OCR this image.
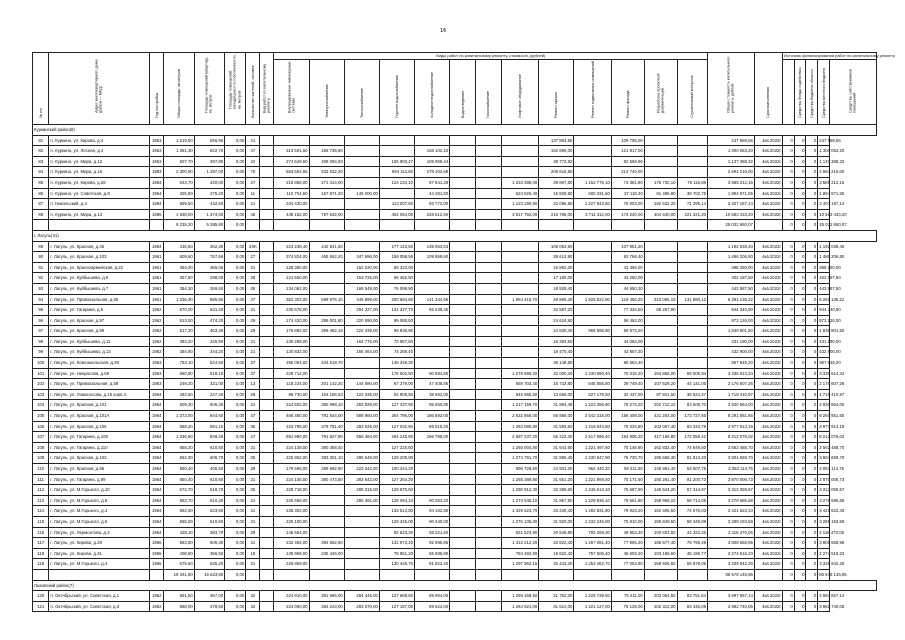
16
№ п/п	Адрес многоквартирного дома (район — МКД)	Год постройки	Общая площадь, кв.метров	Площадь помещений (квартир), кв. метров	Площадь помещений, находящихся в собственности, кв. метров	Количество жителей, человек	Вид работ по капитальному ремонту	Виды работ по капитальному ремонту, стоимость (рублей)													Общая стоимость капитального ремонта, рублей	Срок выполнения	Источник финансирования работ по капитальному ремонту				

								Внутридомовые инженерные системы	Электроснабжение	Теплоснабжение	Горячее водоснабжение	Холодное водоснабжение	Водоотведение	Газоснабжение	Лифтовое оборудование	Ремонт крыши	Ремонт подвальных помещений	Ремонт фасада	Разработка проектной документации	Строительный контроль				Средства Фонда содействия	Средства бюджета области	Средства местного бюджета	Средства собственников помещений

Куркинский район(8)																											
81	п. Куркино, ул. Кирова, д.4	1963	1 219,50	656,96	0,00	41										137 883,56		109 795,00			247 558,56	4кв.2022г	0	0	0	247 558,56	
82	п. Куркино, ул. Лесная, д.4	1963	1 351,30	822,70	0,00	47		313 501,60	156 735,60			156 102,10				152 896,00		121 817,00			1 300 053,20	4кв.2022г	0	0	0	1 300 053,20	
83	п. Куркино, ул. Мира, д.12	1963	607,70	397,80	0,00	22		274 648,60	408 094,93		155 903,47	109 959,44				38 773,92		82 568,96			1 137 388,32	4кв.2022г	0	0	0	1 137 388,32	
84	п. Куркино, ул. Мира, д.16	1983	2 300,90	1 387,00	0,00	76		553 552,66	533 832,30		594 114,60	278 102,68				208 618,80		214 740,00			2 594 216,00	4кв.2022г	0	0	0	2 594 216,00	
85	п. Куркино, ул. Кирова, д.28	1954	643,70	420,00	0,00	27		218 855,00	271 414,00		124 234,10	87 541,28			1 233 288,00	39 897,80	1 152 776,10	73 381,80	175 730,10	75 116,86	3 585 212,16	4кв.2022г	0	0	0	3 585 212,16	
86	п. Куркино, ул. Советская, д.8	1954	325,80	275,20	0,00	11		110 704,60	157 871,20	146 000,00		44 281,60			624 826,40	15 828,80	600 331,60	37 118,40	91 485,80	39 702,75	1 894 971,55	4кв.2022г	0	0	0	1 894 971,55	
87	п. Никольский, д.4	1984	699,50	432,60	0,00	21		234 430,00			113 007,50	93 772,00			1 123 190,80	32 096,80	1 227 843,50	78 603,00	192 532,20	71 295,14	3 407 187,14	4кв.2022г	0	0	0	3 407 187,14	
88	п. Куркино, ул. Мира, д.13	1985	1 938,00	1 374,00	0,00	46		448 152,00	797 632,00		402 054,00	228 512,60			3 817 792,00	216 788,00	3 711 312,00	174 240,00	404 640,00	221 321,20	10 583 433,20	4кв.2022г	0	0	0	10 583 433,20	
			9 235,20	5 385,80	0,00																25 032 650,07		0	0	0	25 032 650,07	
г. Лагуль(31)																											
89	г. Лагуль, ул. Красная, д.45	1954	416,50	362,30	0,00	ЗХК		224 238,40	442 841,60		177 143,50	135 053,63				105 053,60		107 951,20			1 192 038,40	4кв.2022г	0	0	0	1 192 038,40	
90	г. Лагуль, ул. Красная, д.103	1961	609,60	767,66	0,00	27		374 824,00	465 562,20	347 696,00	159 058,56	109 959,60				38 612,90		92 768,40			1 486 206,80	4кв.2022г	0	0	0	1 486 206,80	
91	г. Лагуль, ул. Красноармейская, д.22	1961	394,00	365,05	0,00	31		128 360,00		152 220,00	65 322,00					16 862,00		43 356,00			398 250,00	4кв.2022г	0	0	0	398 250,00	
92	г. Лагуль, ул. Куйбышева, д.5	1961	357,50	298,00	0,00	28		121 550,00		153 725,00	66 452,50					17 180,00		43 250,00			402 187,50	4кв.2022г	0	0	0	402 187,50	
93	г. Лагуль, ул. Куйбышева, д.7	1961	394,30	359,50	0,00	28		134 062,00		169 549,00	76 099,90					18 928,40		44 950,20			443 587,50	4кв.2022г	0	0	0	443 587,50	
94	г. Лагуль, ул. Привокзальная, д.55	1961	1 036,30	885,90	0,00	47		352 302,00	599 876,10	445 899,00	200 584,80	141 344,66			1 964 415,70	49 869,40	1 925 522,90	119 450,20	310 055,10	131 880,12	6 281 136,22	4кв.2022г	0	0	0	6 281 136,22	
95	г. Лагуль, ул. Гагарина, д.5	1962	670,00	631,40	0,00	31		230 678,00		294 327,00	131 327,70	92 238,40				32 587,20		77 334,60	86 257,90		944 340,90	4кв.2022г	0	0	0	944 340,90	
96	г. Лагуль, ул. Красная, д.97	1962	513,00	474,20	0,00	29		174 420,00	295 001,80	220 590,00	99 085,60					24 624,60		59 462,00			873 126,00	4кв.2022г	0	0	0	873 126,00	
97	г. Лагуль, ул. Красная, д.99	1962	517,30	463,30	0,00	29		175 882,00	299 482,15	222 439,00	99 838,90					24 830,40	959 596,80	59 972,20			1 839 801,50	4кв.2022г	0	0	0	1 839 801,50	
98	г. Лагуль, ул. Куйбышева, д.11	1962	383,20	345,90	0,00	21		130 288,00		164 776,00	73 957,60					18 393,60		44 084,00			431 190,00	4кв.2022г	0	0	0	431 190,00	
99	г. Лагуль, ул. Куйбышева, д.13	1962	384,60	344,20	0,00	21		130 832,00		165 464,00	74 268,40					18 470,40		43 867,20			432 900,00	4кв.2022г	0	0	0	432 900,00	
100	г. Лагуль, ул. Комсомольская, д.29	1963	753,10	524,50	0,00	37		256 054,00	434 518,70		145 348,30					36 148,80		85 653,40			957 945,20	4кв.2022г	0	0	0	957 945,20	
101	г. Лагуль, ул. Некрасова, д.58	1963	660,90	518,10	0,00	37		228 712,00			176 602,50	90 884,80			1 278 599,20	32 000,40	1 230 990,40	75 015,20	154 866,00	69 005,94	3 336 614,34	4кв.2022г	0	0	0	3 336 614,34	
102	г. Лагуль, ул. Привокзальная, д.59	1963	249,20	321,00	0,00	13		118 224,00	201 142,20	144 890,00	67 279,00	47 408,85			659 703,40	16 732,80	645 855,80	39 749,40	107 629,20	44 141,05	2 176 607,26	4кв.2022г	0	0	0	2 176 607,26	
103	г. Лагуль, ул. Ломоносова, д.15 корп.4	1964	284,50	247,40	0,00	28		96 730,00	164 156,53	122 335,00	54 908,50	38 692,00			545 955,50	13 656,00	527 178,50	32 437,00	87 841,50	36 524,47	1 719 410,97	4кв.2022г	0	0	0	1 719 410,97	
104	г. Лагуль, ул. Красная, д.101	1964	609,30	606,30	0,00	31		224 502,00	380 998,10	283 929,00	127 437,90	85 650,80			1 217 159,70	31 894,48	1 223 356,90	75 274,20	202 712,10	83 609,70	3 930 664,00	4кв.2022г	0	0	0	3 930 664,00	
105	г. Лагуль, ул. Красная, д.101А	1964	1 372,00	844,60	0,00	47		466 480,00	791 644,00	589 960,00	264 796,00	186 592,00			2 632 866,00	65 856,00	2 542 316,00	156 408,00	421 204,00	173 727,65	8 291 851,65	4кв.2022г	0	0	0	8 291 851,65	
106	г. Лагуль, ул. Красная, д.105	1964	658,20	591,10	0,00	35		223 788,00	379 781,40	283 026,00	127 032,60	89 515,20			1 263 085,80	31 593,60	1 219 644,60	75 034,80	202 067,40	83 343,79	3 977 913,19	4кв.2022г	0	0	0	3 977 913,19	
107	г. Лагуль, ул. Гагарина, д.108	1964	1 336,60	849,20	0,00	47		691 980,00	791 827,80	558 384,00	264 245,80	186 796,00			2 697 237,20	65 222,40	2 517 596,40	154 905,20	417 158,80	172 056,42	8 212 076,02	4кв.2022г	0	0	0	8 212 076,02	
108	г. Лагуль, ул. Гагарина, д.110	1964	658,20	610,50	0,00	31		224 128,00	380 358,40		127 225,60				1 265 004,80	31 641,60	1 221 497,60	75 148,80	162 832,40	74 649,50	3 562 488,70	4кв.2022г	0	0	0	3 562 488,70	
109	г. Лагуль, ул. Красная, д.103	1964	664,30	606,70	0,00	35		225 862,00	383 301,10	285 649,00	128 208,90				1 274 791,70	31 886,40	1 230 947,90	75 730,70	186 668,30	81 813,20	3 904 659,70	4кв.2022г	0	0	0	3 904 659,70	
110	г. Лагуль, ул. Красная, д.95	1964	560,40	465,50	0,00	29		178 596,00	289 692,80	223 342,00	100 244,20				996 728,60	24 931,20	962 440,20	59 211,60	145 981,40	63 607,75	3 053 114,75	4кв.2022г	0	0	0	3 053 114,75	
111	г. Лагуль, ул. Гагарина, д.99	1964	650,40	610,60	0,00	31		224 136,00	380 473,80	283 542,00	127 264,20				1 265 389,80	31 651,20	1 221 869,40	75 171,60	180 261,40	81 200,73	3 870 006,73	4кв.2022г	0	0	0	3 870 006,73	
112	г. Лагуль, ул. М.Горького, д.10	1964	672,70	618,70	0,00	35		228 718,00		289 315,00	129 870,60				1 290 912,30	32 289,60	1 246 513,10	76 687,60	146 544,20	67 314,97	3 312 059,67	4кв.2022г	0	0	0	3 312 059,67	
113	г. Лагуль, ул. М.Горького, д.8	1964	663,70	610,40	0,00	31		225 658,00		285 391,00	128 094,10	90 263,20			1 273 645,10	31 857,60	1 229 836,10	75 661,80	158 869,10	69 714,05	3 279 685,58	4кв.2022г	0	0	0	3 279 685,58	
114	г. Лагуль, ул. М.Горького, д.4	1964	692,00	623,90	0,00	31		235 302,00			133 513,80	94 152,80			1 329 523,70	33 230,40	1 282 831,80	78 923,20	162 406,50	74 676,03	3 421 623,43	4кв.2022г	0	0	0	3 421 623,43	
115	г. Лагуль, ул. М.Горького, д.6	1964	665,00	610,60	0,00	31		226 100,00			128 345,00	90 440,00			1 276 135,00	31 920,00	1 232 245,00	75 810,00	159 849,50	68 349,08	3 289 193,58	4кв.2022г	0	0	0	3 289 193,58	
116	г. Лагуль, ул. Лермонтова, д.3	1964	428,10	383,70	0,00	28		145 554,00			82 623,30	58 221,60			821 523,90	20 548,80	793 269,30	48 803,40	100 603,50	44 322,26	2 115 470,06	4кв.2022г	0	0	0	2 115 470,06	
117	г. Лагуль, ул. Кирова, д.29	1965	583,80	606,30	0,00	31		232 492,00	394 552,60		131 973,40	92 996,86			1 312 212,20	32 822,40	1 267 081,40	77 955,20	186 677,40	79 795,49	3 808 558,95	4кв.2022г	0	0	0	3 808 558,95	
118	г. Лагуль, ул. Кирова, д.31	1965	408,80	356,50	0,00	18		138 958,00	235 446,00		78 851,20	55 596,80			784 492,80	19 622,40	757 506,40	46 603,20	103 185,60	45 196,77	2 274 516,23	4кв.2022г	0	0	0	2 274 516,23	
119	г. Лагуль, ул. М.Горького, д.4	1965	675,60	625,20	0,00	31		229 869,00			130 448,70	91 922,40			1 297 962,15	32 443,20	1 252 462,70	77 052,80	158 936,50	69 878,06	3 339 942,29	4кв.2022г	0	0	0	3 339 942,29	
			19 341,80	16 623,80	0,00																86 578 146,95		0	0	0	86 578 146,95	
Лыковский район(7)																											
120	п. Октябрьский, ул. Советская, д.1	1962	691,50	367,00	0,00	32		224 910,00	381 685,00	284 445,00	127 669,50	89 994,00			1 259 158,50	31 752,00	1 225 739,50	75 411,00	203 064,50	83 751,64	3 997 657,14	4кв.2022г	0	0	0	3 997 657,14	
121	п. Октябрьский, ул. Советская, д.3	1962	658,00	378,60	0,00	32		224 060,00	384 243,00	283 370,00	127 187,00	89 624,00			1 264 621,00	31 612,00	1 221 127,00	75 128,00	202 313,00	83 445,05	3 982 740,05	4кв.2022г	0	0	0	3 982 740,05	
